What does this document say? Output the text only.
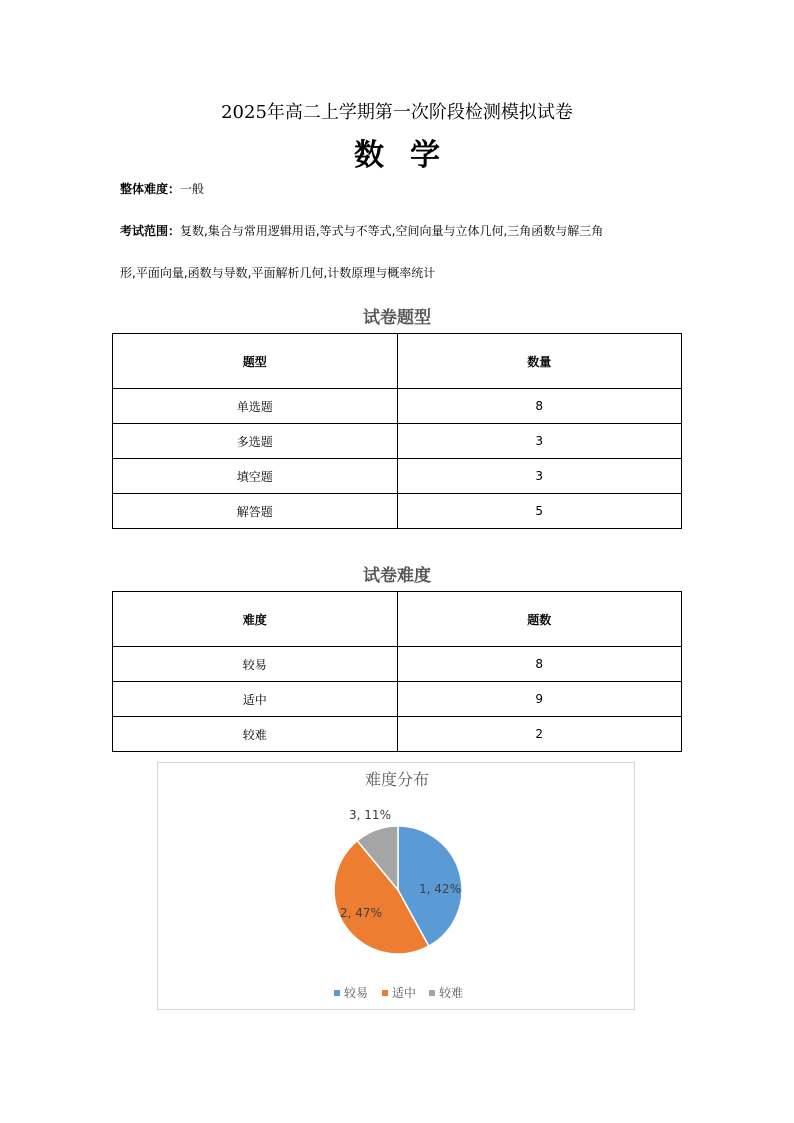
2025年高二上学期第一次阶段检测模拟试卷
数学
整体难度：一般
考试范围：复数,集合与常用逻辑用语,等式与不等式,空间向量与立体几何,三角函数与解三角
形,平面向量,函数与导数,平面解析几何,计数原理与概率统计
试卷题型
题型	数量
单选题	8
多选题	3
填空题	3
解答题	5
试卷难度
难度	题数
较易	8
适中	9
较难	2
难度分布
1, 42%
2, 47%
3, 11%
较易 适中 较难
